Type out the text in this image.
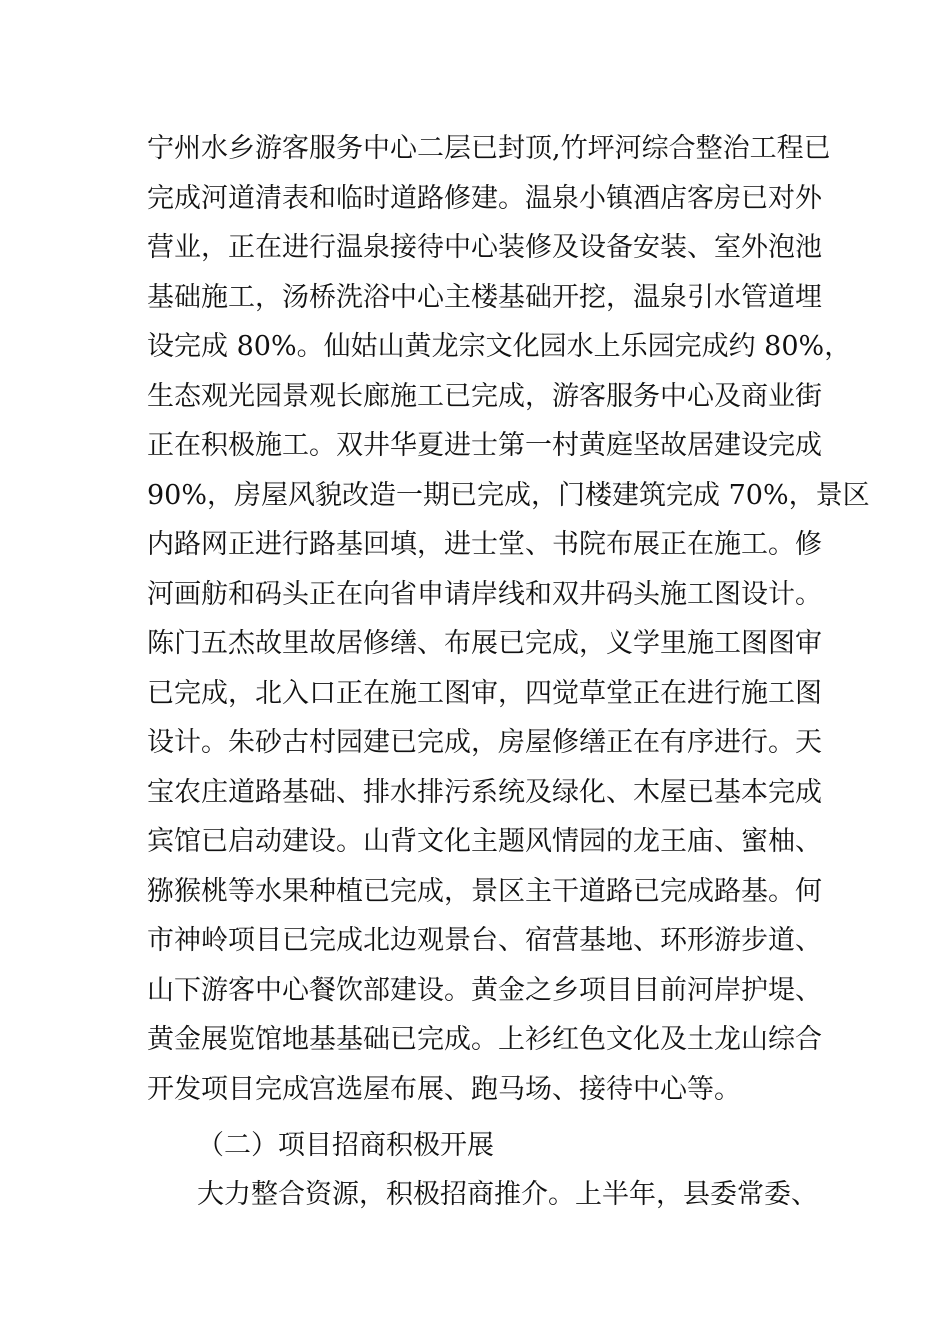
宁州水乡游客服务中心二层已封顶,竹坪河综合整治工程已
完成河道清表和临时道路修建。温泉小镇酒店客房已对外
营业，正在进行温泉接待中心装修及设备安装、室外泡池
基础施工，汤桥洗浴中心主楼基础开挖，温泉引水管道埋
设完成 80%。仙姑山黄龙宗文化园水上乐园完成约 80%，
生态观光园景观长廊施工已完成，游客服务中心及商业街
正在积极施工。双井华夏进士第一村黄庭坚故居建设完成
90%，房屋风貌改造一期已完成，门楼建筑完成 70%，景区
内路网正进行路基回填，进士堂、书院布展正在施工。修
河画舫和码头正在向省申请岸线和双井码头施工图设计。
陈门五杰故里故居修缮、布展已完成，义学里施工图图审
已完成，北入口正在施工图审，四觉草堂正在进行施工图
设计。朱砂古村园建已完成，房屋修缮正在有序进行。天
宝农庄道路基础、排水排污系统及绿化、木屋已基本完成
宾馆已启动建设。山背文化主题风情园的龙王庙、蜜柚、
猕猴桃等水果种植已完成，景区主干道路已完成路基。何
市神岭项目已完成北边观景台、宿营基地、环形游步道、
山下游客中心餐饮部建设。黄金之乡项目目前河岸护堤、
黄金展览馆地基基础已完成。上衫红色文化及土龙山综合
开发项目完成宫选屋布展、跑马场、接待中心等。
（二）项目招商积极开展
大力整合资源，积极招商推介。上半年，县委常委、
